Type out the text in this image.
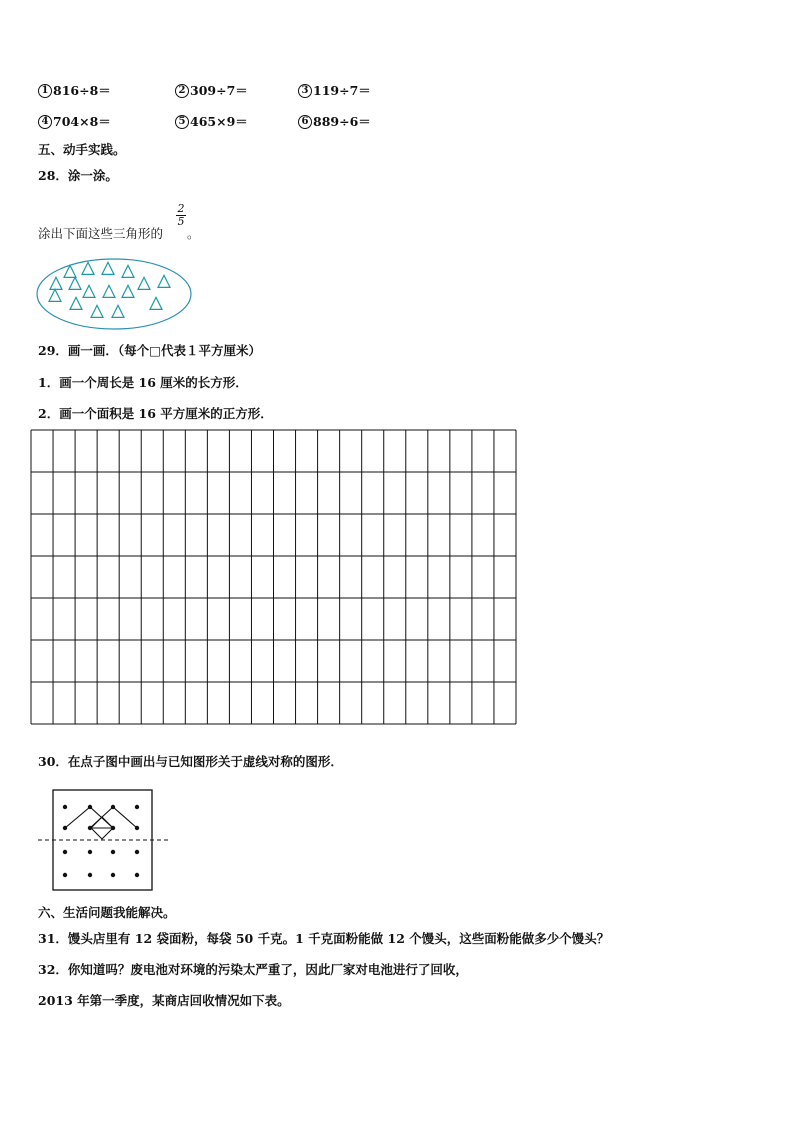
1 816÷8＝	2 309÷7＝	3 119÷7＝
4 704×8＝	5 465×9＝	6 889÷6＝
五、动手实践。
28．涂一涂。
涂出下面这些三角形的
$\frac{2}{5}$
。
29．画一画．（每个□代表１平方厘米）
1．画一个周长是 16 厘米的长方形．
2．画一个面积是 16 平方厘米的正方形．
30．在点子图中画出与已知图形关于虚线对称的图形．
六、生活问题我能解决。
31．馒头店里有 12 袋面粉，每袋 50 千克。1 千克面粉能做 12 个馒头，这些面粉能做多少个馒头？
32．你知道吗？废电池对环境的污染太严重了，因此厂家对电池进行了回收，
2013 年第一季度，某商店回收情况如下表。
